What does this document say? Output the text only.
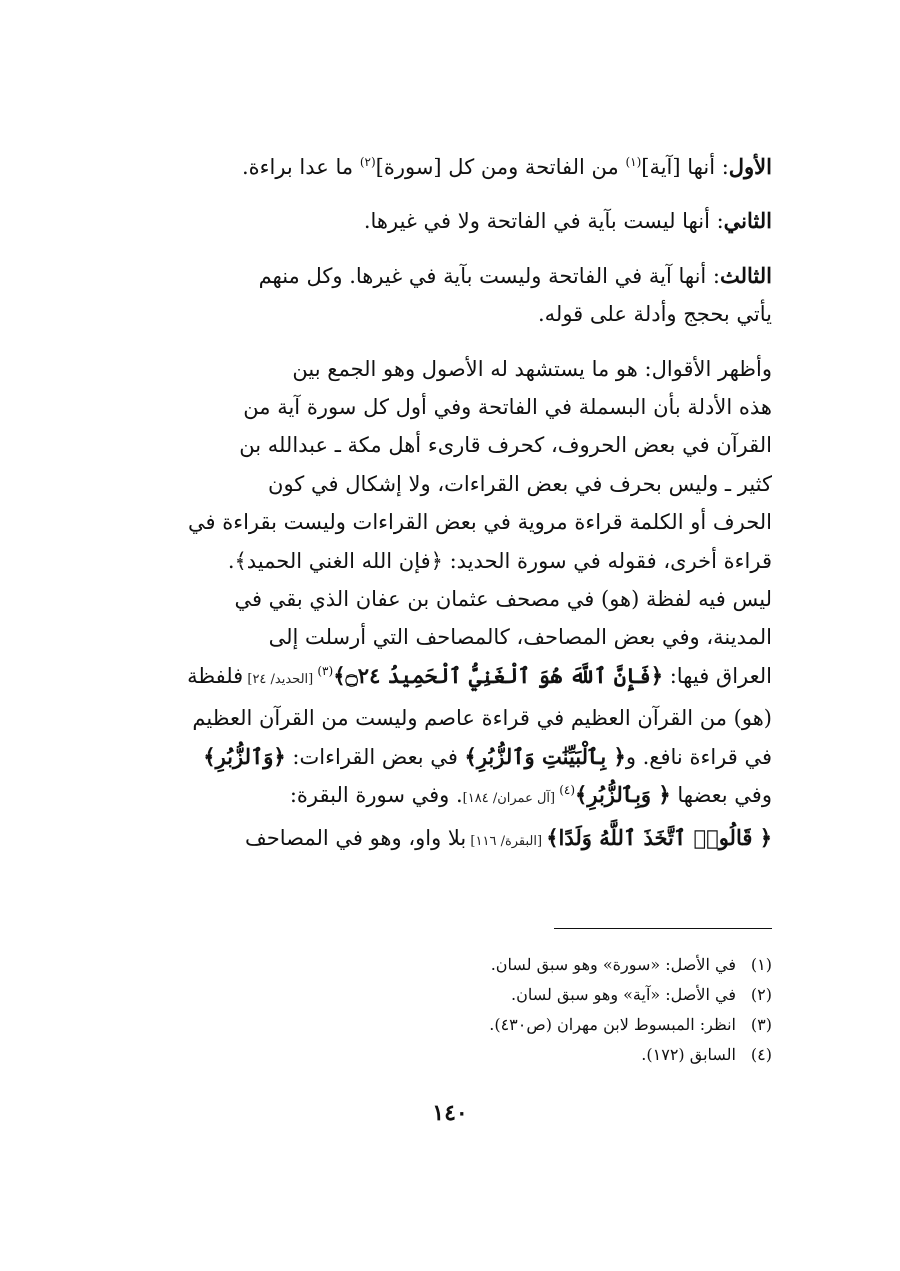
الأول: أنها [آية]$^{(١)}$ من الفاتحة ومن كل [سورة]$^{(٢)}$ ما عدا براءة.
الثاني: أنها ليست بآية في الفاتحة ولا في غيرها.
الثالث: أنها آية في الفاتحة وليست بآية في غيرها. وكل منهم
يأتي بحجج وأدلة على قوله.
وأظهر الأقوال: هو ما يستشهد له الأصول وهو الجمع بين
هذه الأدلة بأن البسملة في الفاتحة وفي أول كل سورة آية من
القرآن في بعض الحروف، كحرف قارىء أهل مكة ـ عبدالله بن
كثير ـ وليس بحرف في بعض القراءات، ولا إشكال في كون
الحرف أو الكلمة قراءة مروية في بعض القراءات وليست بقراءة في
قراءة أخرى، فقوله في سورة الحديد: ﴿فإن الله الغني الحميد﴾.
ليس فيه لفظة (هو) في مصحف عثمان بن عفان الذي بقي في
المدينة، وفي بعض المصاحف، كالمصاحف التي أرسلت إلى
العراق فيها: ﴿فَإِنَّ ٱللَّهَ هُوَ ٱلْغَنِيُّ ٱلْحَمِيدُ ۝٢٤﴾$^{(٣)}$ [الحديد/ ٢٤] فلفظة
(هو) من القرآن العظيم في قراءة عاصم وليست من القرآن العظيم
في قراءة نافع. و﴿ بِٱلْبَيِّنَٰتِ وَٱلزُّبُرِ﴾ في بعض القراءات: ﴿وَٱلزُّبُرِ﴾
وفي بعضها ﴿ وَبِٱلزُّبُرِ﴾$^{(٤)}$ [آل عمران/ ١٨٤]. وفي سورة البقرة:
﴿ قَالُوا۟ ٱتَّخَذَ ٱللَّهُ وَلَدًا﴾ [البقرة/ ١١٦] بلا واو، وهو في المصاحف
(١)في الأصل: «سورة» وهو سبق لسان.
(٢)في الأصل: «آية» وهو سبق لسان.
(٣)انظر: المبسوط لابن مهران (ص٤٣٠).
(٤)السابق (١٧٢).
١٤٠
